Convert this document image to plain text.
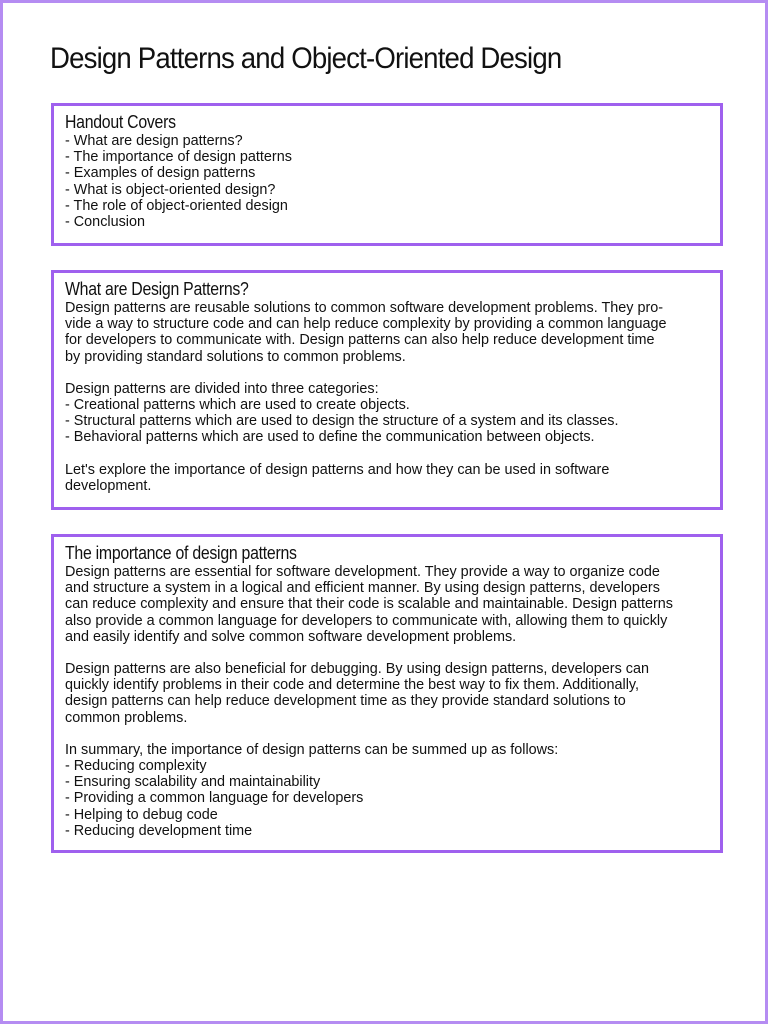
Design Patterns and Object-Oriented Design
Handout Covers

- What are design patterns?
- The importance of design patterns
- Examples of design patterns
- What is object-oriented design?
- The role of object-oriented design
- Conclusion

What are Design Patterns?

Design patterns are reusable solutions to common software development problems. They pro-
vide a way to structure code and can help reduce complexity by providing a common language
for developers to communicate with. Design patterns can also help reduce development time
by providing standard solutions to common problems.

Design patterns are divided into three categories:
- Creational patterns which are used to create objects.
- Structural patterns which are used to design the structure of a system and its classes.
- Behavioral patterns which are used to define the communication between objects.

Let's explore the importance of design patterns and how they can be used in software
development.

The importance of design patterns

Design patterns are essential for software development. They provide a way to organize code
and structure a system in a logical and efficient manner. By using design patterns, developers
can reduce complexity and ensure that their code is scalable and maintainable. Design patterns
also provide a common language for developers to communicate with, allowing them to quickly
and easily identify and solve common software development problems.

Design patterns are also beneficial for debugging. By using design patterns, developers can
quickly identify problems in their code and determine the best way to fix them. Additionally,
design patterns can help reduce development time as they provide standard solutions to
common problems.

In summary, the importance of design patterns can be summed up as follows:
- Reducing complexity
- Ensuring scalability and maintainability
- Providing a common language for developers
- Helping to debug code
- Reducing development time
